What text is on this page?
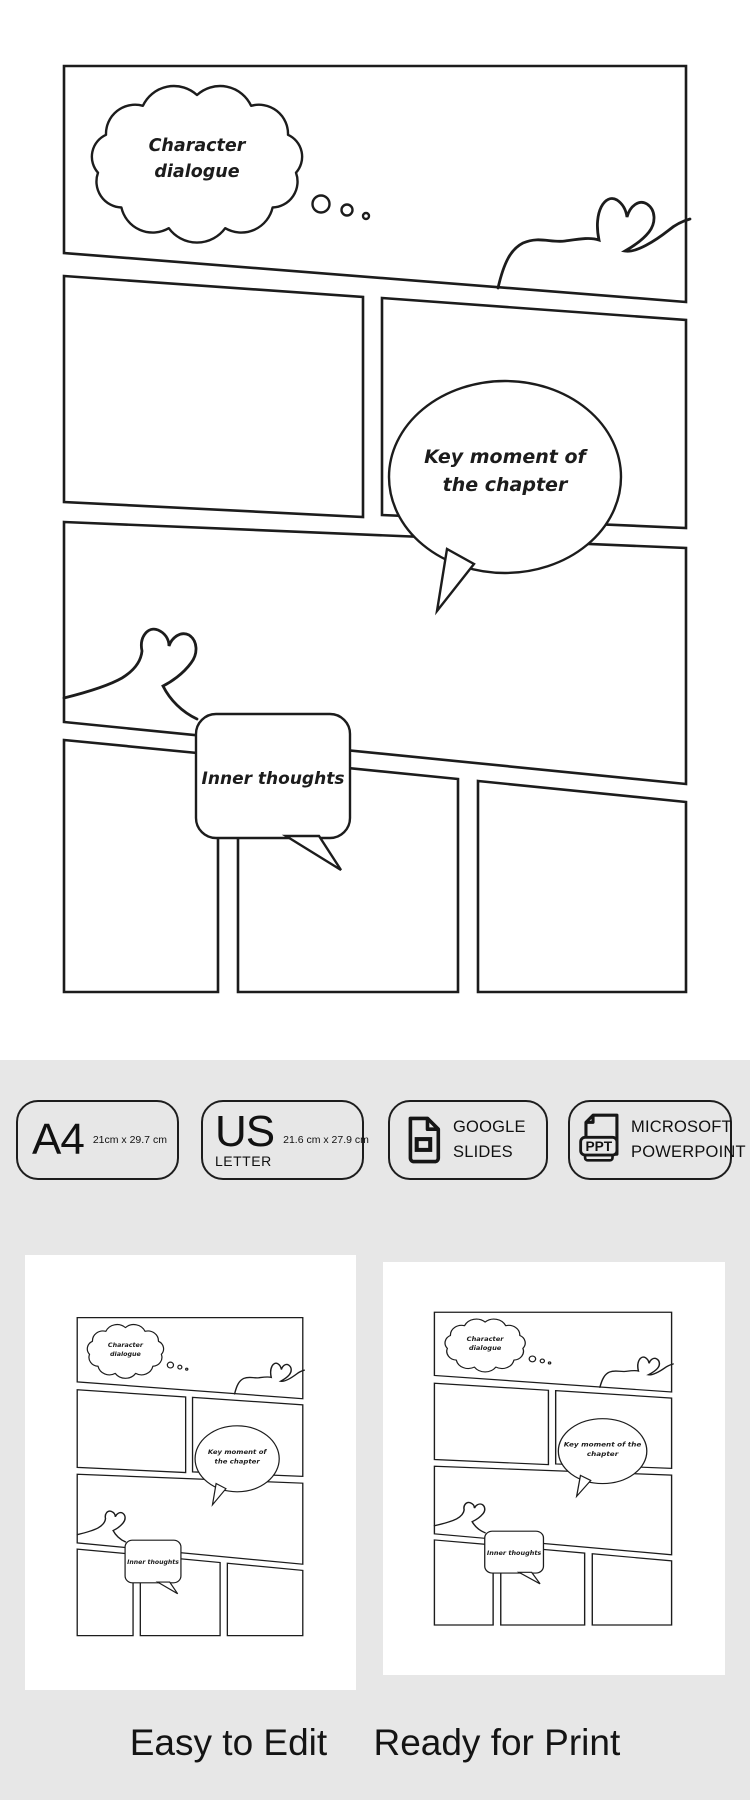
Character
dialogue
Key moment of
the chapter
Inner thoughts
A4 21cm x 29.7 cm US
LETTER
21.6 cm x 27.9 cm
GOOGLE
SLIDES	PPT
MICROSOFT
POWERPOINT
Character
dialogue
Key moment of
the chapter
Inner thoughts
Character
dialogue
Key moment of the
chapter
Inner thoughts
Easy to Edit Ready for Print
